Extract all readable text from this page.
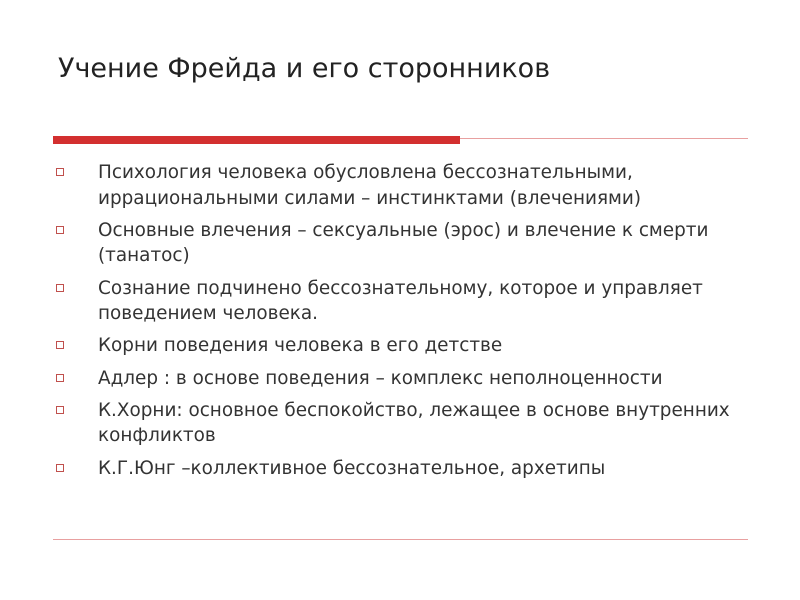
Учение Фрейда и его сторонников
Психология человека обусловлена бессознательными, иррациональными силами – инстинктами (влечениями)
Основные влечения – сексуальные (эрос) и влечение к смерти (танатос)
Сознание подчинено бессознательному, которое и управляет поведением человека.
Корни поведения человека в его детстве
Адлер : в основе поведения – комплекс неполноценности
К.Хорни: основное беспокойство, лежащее в основе внутренних конфликтов
К.Г.Юнг –коллективное бессознательное, архетипы
